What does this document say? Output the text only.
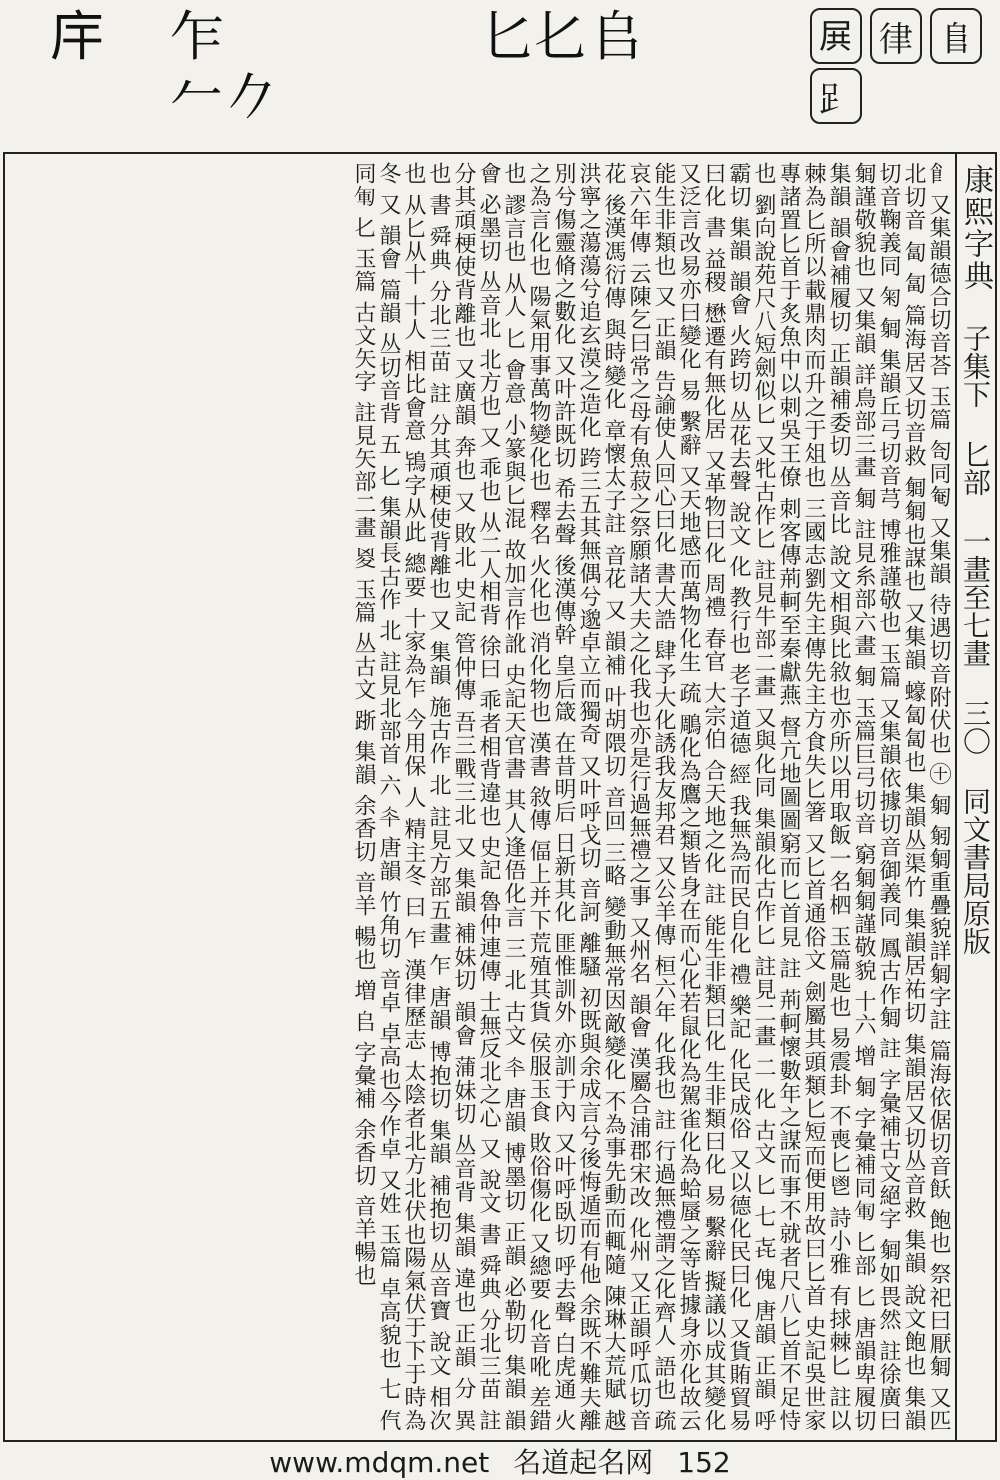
𢇛 乍
𠂉𠂊
匕𠤎 𠂤	𡱒
𧾷
律 𨸏
康熙字典  子集下  匕部  一畫至七畫  三〇  同文書局原版
𩙿 又集韻德合切音荅 玉篇 匌同匎 又集韻 待遇切音附伏也 ㊉ 匔 匑匔重疊貌詳匔字註 篇海依倨切音飫 飽也 祭祀曰厭匔 又匹北切音 匐 匐 篇海居又切音救 匔匔也謀也 又集韻 蠔匐匐也 集韻丛渠竹 集韻居祐切 集韻居又切丛音救 集韻 說文飽也 集韻 切音鞠義同 匊 匔 集韻丘弓切音芎 博雅謹敬也 玉篇 又集韻依據切音御義同 鳳古作匔 註 字彙補古文絕字 匔如畏然 註徐廣曰匔謹敬貌也 又集韻 詳鳥部三畫 匔 註見糸部六畫 匔 玉篇巨弓切音 窮匔匔謹敬貌 十六 增 匔 字彙補同𠣞 匕部 匕 唐韻卑履切 集韻 韻會補履切 正韻補委切 丛音比 說文相與比敘也亦所以用取飯一名柶 玉篇匙也 易震卦 不喪匕鬯 詩小雅 有捄棘匕 註以棘為匕所以載鼎肉而升之于俎也 三國志劉先主傳先主方食失匕箸 又匕首通俗文 劍屬其頭類匕短而便用故曰匕首 史記吳世家專諸置匕首于炙魚中以刺吳王僚 刺客傳荊軻至秦獻燕 督亢地圖圖窮而匕首見 註 荊軻懷數年之謀而事不就者尺八匕首不足恃也 劉向說苑尺八短劍似匕 又牝古作匕 註見牛部二畫 又與化同 集韻化古作匕 註見二畫 二 化 古文 匕 七 㐂 傀 唐韻 正韻 呼霸切 集韻 韻會 火跨切 丛花去聲 說文 化 教行也 老子道德 經 我無為而民自化 禮 樂記 化民成俗 又以德化民曰化 又貨賄貿易曰化 書 益稷 懋遷有無化居 又革物曰化 周禮 春官 大宗伯 合天地之化 註 能生非類曰化 生非類曰化 易 繫辭 擬議以成其變化 又泛言改易亦曰變化 易 繫辭 又天地感而萬物化生 疏 鵰化為鷹之類皆身在而心化若鼠化為駕雀化為蛤蜃之等皆據身亦化故云能生非類也 又 正韻 告諭使人回心曰化 書大誥 肆予大化誘我友邦君 又公羊傳 桓六年 化我也 註 行過無禮謂之化齊人 語也 疏 哀六年傳 云陳乞曰常之母有魚菽之祭願諸大夫之化我也亦是行過無禮之事 又州名 韻會 漢屬合浦郡宋改 化州 又正韻呼瓜切音花 後漢馮衍傳 與時變化 章懷太子註 音花 又 韻補 叶胡隈切 音回 三略 變動無常因敵變化 不為事先動而輒隨 陳琳大荒賦 越洪寧之蕩蕩兮追玄漠之造化 跨三五其無偶兮邈卓立而獨奇 又叶呼戈切 音訶 離騷 初既與余成言兮後悔遁而有他 余既不難夫離別兮傷靈脩之數化 又叶許既切 希去聲 後漢傳幹 皇后箴 在昔明后 日新其化 匪惟訓外 亦訓于內 又叶呼臥切 呼去聲 白虎通 火之為言化也 陽氣用事萬物變化也 釋名 火化也 消化物也 漢書 敘傳 偪上并下荒殖其貨 侯服玉食 敗俗傷化 又總要 化音吪 差錯也 謬言也 从人 匕 會意 小篆與匕混 故加言作訛 史記天官書 其人逢俉化言 三 北 古文 𠦍 唐韻 博墨切 正韻 必勒切 集韻 韻會 必墨切 丛音北 北方也 又 乖也 从二人相背 徐曰 乖者相背違也 史記 魯仲連傳 士無反北之心 又 說文 書 舜典 分北三苗 註 分其頑梗使背離也 又廣韻 奔也 又 敗北 史記 管仲傳 吾三戰三北 又 集韻 補妹切 韻會 蒲妹切 丛音背 集韻 違也 正韻 分 異也 書 舜典 分北三苗 註 分其頑梗使背離也 又 集韻 施古作 北 註見方部五畫 乍 唐韻 博抱切 集韻 補抱切 丛音寶 說文 相次也 从匕从十 十人 相比會意 鴇字从此 總要 十家為乍 今用保 人 精主冬 曰 乍 漢律歷志 太陰者北方北伏也陽氣伏于下于時為冬 又 韻會 篇韻 丛切音背 五 𠤎 集韻長古作 北 註見北部首 六 𠦍 唐韻 竹角切 音卓 卓高也今作卓 又姓 玉篇 卓高貌也 七 㐹 同𠣞 𠤎 玉篇 古文矢字 註見矢部二畫 㚇 玉篇 丛古文 䟷 集韻 余香切 音羊 暢也 増 𠂤 字彙補 余香切 音羊暢也
www.mdqm.net 名道起名网 152
